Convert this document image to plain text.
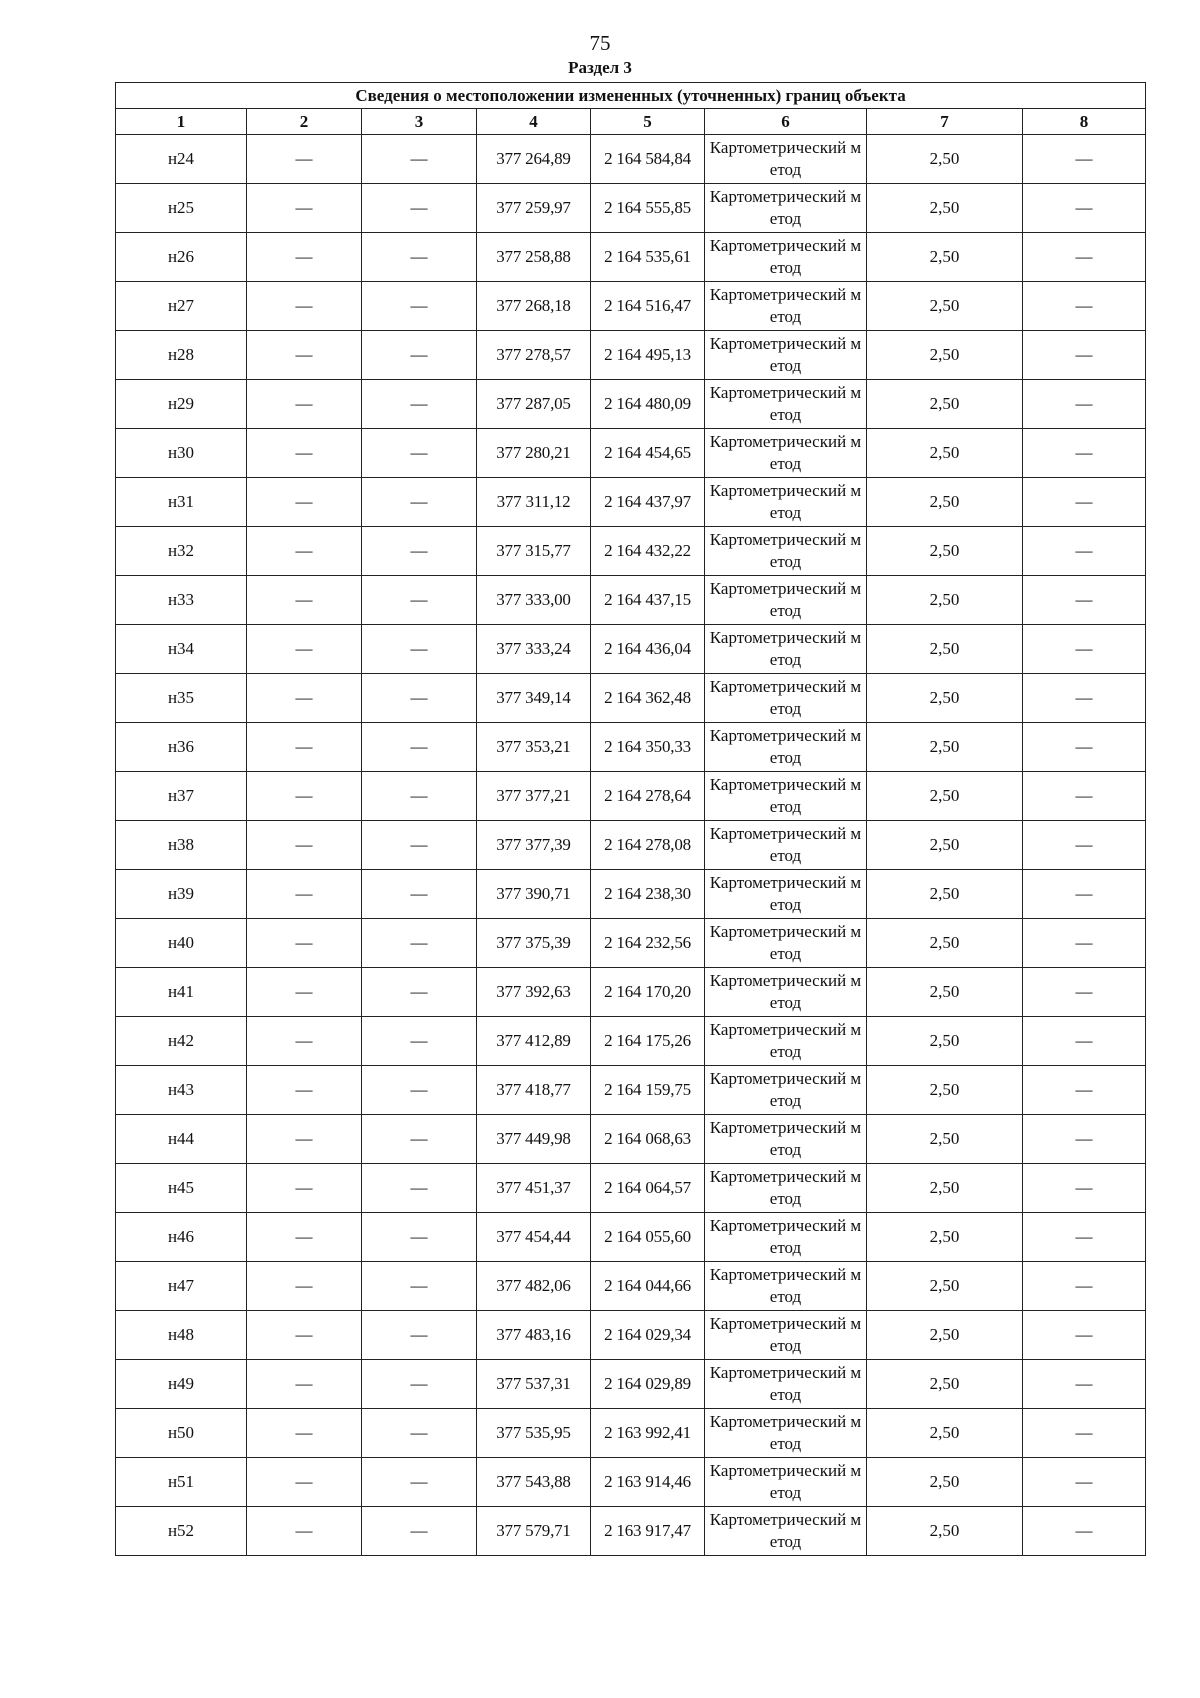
75
Раздел 3
Сведения о местоположении измененных (уточненных) границ объекта							
1	2	3	4	5	6	7	8
н24	—	—	377 264,89	2 164 584,84	Картометрический метод	2,50	—
н25	—	—	377 259,97	2 164 555,85	Картометрический метод	2,50	—
н26	—	—	377 258,88	2 164 535,61	Картометрический метод	2,50	—
н27	—	—	377 268,18	2 164 516,47	Картометрический метод	2,50	—
н28	—	—	377 278,57	2 164 495,13	Картометрический метод	2,50	—
н29	—	—	377 287,05	2 164 480,09	Картометрический метод	2,50	—
н30	—	—	377 280,21	2 164 454,65	Картометрический метод	2,50	—
н31	—	—	377 311,12	2 164 437,97	Картометрический метод	2,50	—
н32	—	—	377 315,77	2 164 432,22	Картометрический метод	2,50	—
н33	—	—	377 333,00	2 164 437,15	Картометрический метод	2,50	—
н34	—	—	377 333,24	2 164 436,04	Картометрический метод	2,50	—
н35	—	—	377 349,14	2 164 362,48	Картометрический метод	2,50	—
н36	—	—	377 353,21	2 164 350,33	Картометрический метод	2,50	—
н37	—	—	377 377,21	2 164 278,64	Картометрический метод	2,50	—
н38	—	—	377 377,39	2 164 278,08	Картометрический метод	2,50	—
н39	—	—	377 390,71	2 164 238,30	Картометрический метод	2,50	—
н40	—	—	377 375,39	2 164 232,56	Картометрический метод	2,50	—
н41	—	—	377 392,63	2 164 170,20	Картометрический метод	2,50	—
н42	—	—	377 412,89	2 164 175,26	Картометрический метод	2,50	—
н43	—	—	377 418,77	2 164 159,75	Картометрический метод	2,50	—
н44	—	—	377 449,98	2 164 068,63	Картометрический метод	2,50	—
н45	—	—	377 451,37	2 164 064,57	Картометрический метод	2,50	—
н46	—	—	377 454,44	2 164 055,60	Картометрический метод	2,50	—
н47	—	—	377 482,06	2 164 044,66	Картометрический метод	2,50	—
н48	—	—	377 483,16	2 164 029,34	Картометрический метод	2,50	—
н49	—	—	377 537,31	2 164 029,89	Картометрический метод	2,50	—
н50	—	—	377 535,95	2 163 992,41	Картометрический метод	2,50	—
н51	—	—	377 543,88	2 163 914,46	Картометрический метод	2,50	—
н52	—	—	377 579,71	2 163 917,47	Картометрический метод	2,50	—
